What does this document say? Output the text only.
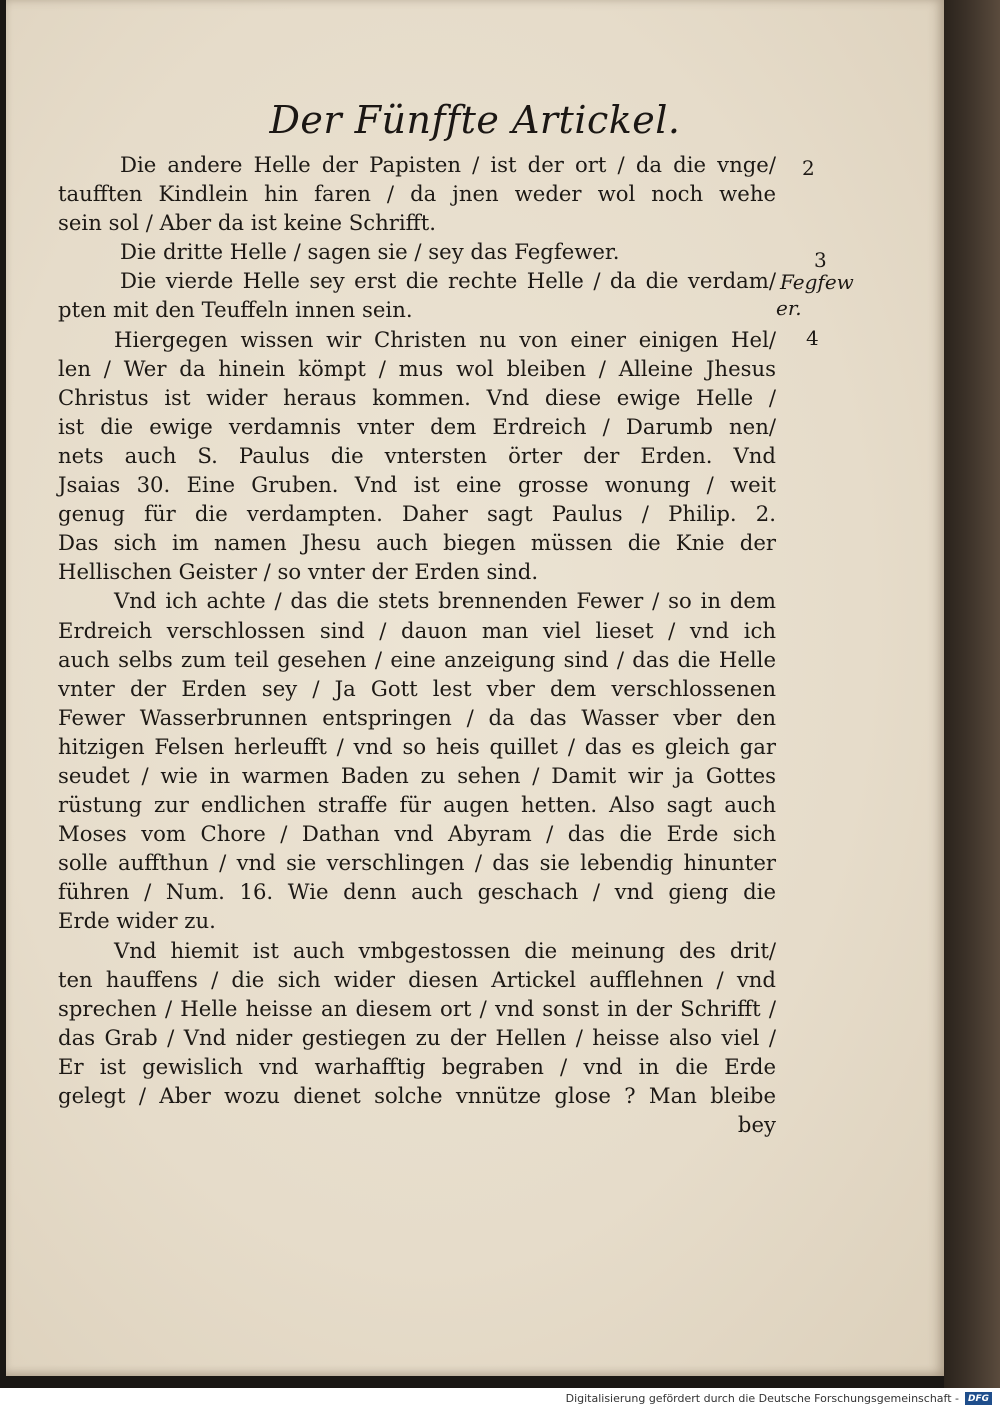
Der Fünffte Artickel.
Die andere Helle der Papisten / ist der ort / da die vnge/
taufften Kindlein hin faren / da jnen weder wol noch wehe
sein sol / Aber da ist keine Schrifft.
Die dritte Helle / sagen sie / sey das Fegfewer.
Die vierde Helle sey erst die rechte Helle / da die verdam/
pten mit den Teuffeln innen sein.
Hiergegen wissen wir Christen nu von einer einigen Hel/
len / Wer da hinein kömpt / mus wol bleiben / Alleine Jhesus
Christus ist wider heraus kommen. Vnd diese ewige Helle /
ist die ewige verdamnis vnter dem Erdreich / Darumb nen/
nets auch S. Paulus die vntersten örter der Erden. Vnd
Jsaias 30. Eine Gruben. Vnd ist eine grosse wonung / weit
genug für die verdampten. Daher sagt Paulus / Philip. 2.
Das sich im namen Jhesu auch biegen müssen die Knie der
Hellischen Geister / so vnter der Erden sind.
Vnd ich achte / das die stets brennenden Fewer / so in dem
Erdreich verschlossen sind / dauon man viel lieset / vnd ich
auch selbs zum teil gesehen / eine anzeigung sind / das die Helle
vnter der Erden sey / Ja Gott lest vber dem verschlossenen
Fewer Wasserbrunnen entspringen / da das Wasser vber den
hitzigen Felsen herleufft / vnd so heis quillet / das es gleich gar
seudet / wie in warmen Baden zu sehen / Damit wir ja Gottes
rüstung zur endlichen straffe für augen hetten. Also sagt auch
Moses vom Chore / Dathan vnd Abyram / das die Erde sich
solle auffthun / vnd sie verschlingen / das sie lebendig hinunter
führen / Num. 16. Wie denn auch geschach / vnd gieng die
Erde wider zu.
Vnd hiemit ist auch vmbgestossen die meinung des drit/
ten hauffens / die sich wider diesen Artickel aufflehnen / vnd
sprechen / Helle heisse an diesem ort / vnd sonst in der Schrifft /
das Grab / Vnd nider gestiegen zu der Hellen / heisse also viel /
Er ist gewislich vnd warhafftig begraben / vnd in die Erde
gelegt / Aber wozu dienet solche vnnütze glose ? Man bleibe
bey
2
3
Fegfew
er.
4
Digitalisierung gefördert durch die Deutsche Forschungsgemeinschaft -	DFG
